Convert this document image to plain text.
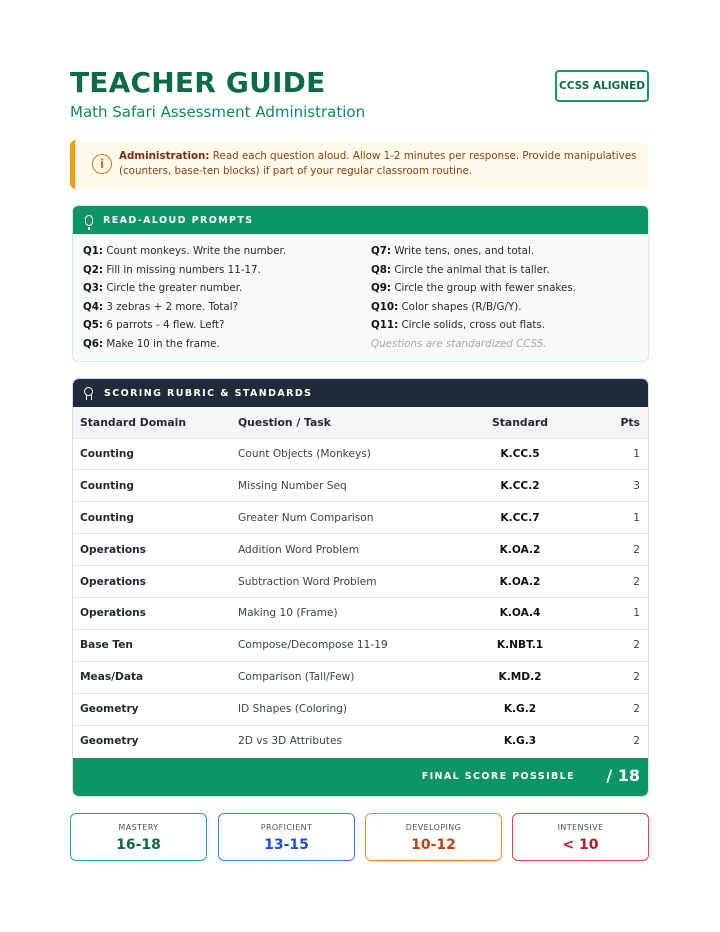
TEACHER GUIDE
Math Safari Assessment Administration
CCSS ALIGNED
i
Administration: Read each question aloud. Allow 1-2 minutes per response. Provide manipulatives (counters, base-ten blocks) if part of your regular classroom routine.
READ-ALOUD PROMPTS
Q1: Count monkeys. Write the number.
Q2: Fill in missing numbers 11-17.
Q3: Circle the greater number.
Q4: 3 zebras + 2 more. Total?
Q5: 6 parrots - 4 flew. Left?
Q6: Make 10 in the frame.
Q7: Write tens, ones, and total.
Q8: Circle the animal that is taller.
Q9: Circle the group with fewer snakes.
Q10: Color shapes (R/B/G/Y).
Q11: Circle solids, cross out flats.
Questions are standardized CCSS.
SCORING RUBRIC & STANDARDS
Standard Domain	Question / Task	Standard	Pts
Counting	Count Objects (Monkeys)	K.CC.5	1
Counting	Missing Number Seq	K.CC.2	3
Counting	Greater Num Comparison	K.CC.7	1
Operations	Addition Word Problem	K.OA.2	2
Operations	Subtraction Word Problem	K.OA.2	2
Operations	Making 10 (Frame)	K.OA.4	1
Base Ten	Compose/Decompose 11-19	K.NBT.1	2
Meas/Data	Comparison (Tall/Few)	K.MD.2	2
Geometry	ID Shapes (Coloring)	K.G.2	2
Geometry	2D vs 3D Attributes	K.G.3	2
FINAL SCORE POSSIBLE / 18
MASTERY
16-18
PROFICIENT
13-15
DEVELOPING
10-12
INTENSIVE
< 10
